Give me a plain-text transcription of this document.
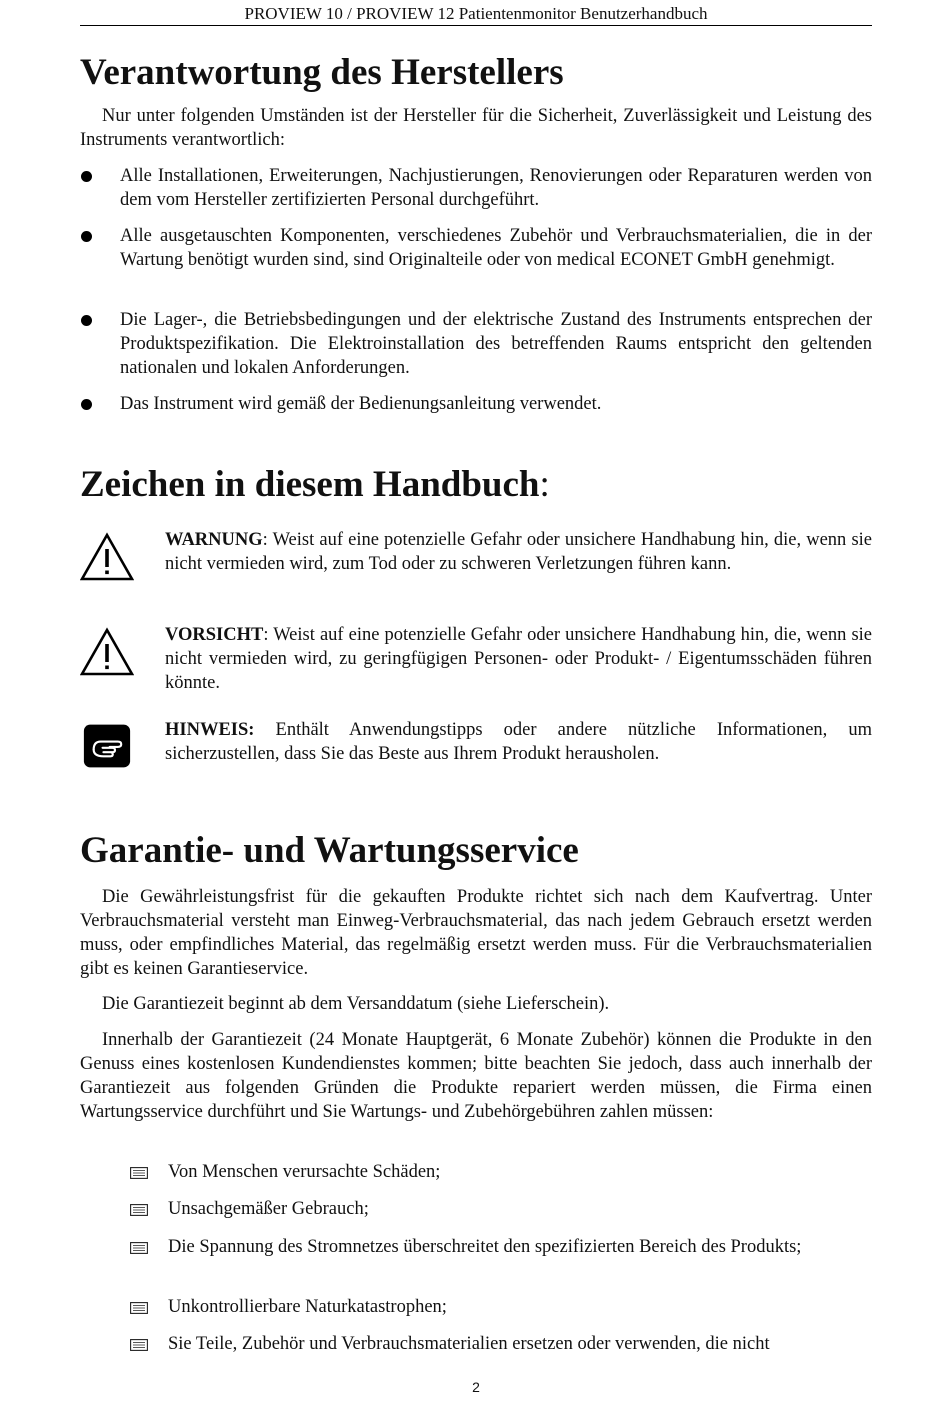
PROVIEW 10 / PROVIEW 12 Patientenmonitor Benutzerhandbuch
Verantwortung des Herstellers
Nur unter folgenden Umständen ist der Hersteller für die Sicherheit, Zuverlässigkeit und Leistung des Instruments verantwortlich:
Alle Installationen, Erweiterungen, Nachjustierungen, Renovierungen oder Reparaturen werden von dem vom Hersteller zertifizierten Personal durchgeführt.
Alle ausgetauschten Komponenten, verschiedenes Zubehör und Verbrauchsmaterialien, die in der Wartung benötigt wurden sind, sind Originalteile oder von medical ECONET GmbH genehmigt.
Die Lager-, die Betriebsbedingungen und der elektrische Zustand des Instruments entsprechen der Produktspezifikation. Die Elektroinstallation des betreffenden Raums entspricht den geltenden nationalen und lokalen Anforderungen.
Das Instrument wird gemäß der Bedienungsanleitung verwendet.
Zeichen in diesem Handbuch:
WARNUNG: Weist auf eine potenzielle Gefahr oder unsichere Handhabung hin, die, wenn sie nicht vermieden wird, zum Tod oder zu schweren Verletzungen führen kann.
VORSICHT: Weist auf eine potenzielle Gefahr oder unsichere Handhabung hin, die, wenn sie nicht vermieden wird, zu geringfügigen Personen- oder Produkt- / Eigentumsschäden führen könnte.
HINWEIS: Enthält Anwendungstipps oder andere nützliche Informationen, um sicherzustellen, dass Sie das Beste aus Ihrem Produkt herausholen.
Garantie- und Wartungsservice
Die Gewährleistungsfrist für die gekauften Produkte richtet sich nach dem Kaufvertrag. Unter Verbrauchsmaterial versteht man Einweg-Verbrauchsmaterial, das nach jedem Gebrauch ersetzt werden muss, oder empfindliches Material, das regelmäßig ersetzt werden muss. Für die Verbrauchsmaterialien gibt es keinen Garantieservice.
Die Garantiezeit beginnt ab dem Versanddatum (siehe Lieferschein).
Innerhalb der Garantiezeit (24 Monate Hauptgerät, 6 Monate Zubehör) können die Produkte in den Genuss eines kostenlosen Kundendienstes kommen; bitte beachten Sie jedoch, dass auch innerhalb der Garantiezeit aus folgenden Gründen die Produkte repariert werden müssen, die Firma einen Wartungsservice durchführt und Sie Wartungs- und Zubehörgebühren zahlen müssen:
Von Menschen verursachte Schäden;
Unsachgemäßer Gebrauch;
Die Spannung des Stromnetzes überschreitet den spezifizierten Bereich des Produkts;
Unkontrollierbare Naturkatastrophen;
Sie Teile, Zubehör und Verbrauchsmaterialien ersetzen oder verwenden, die nicht
2
